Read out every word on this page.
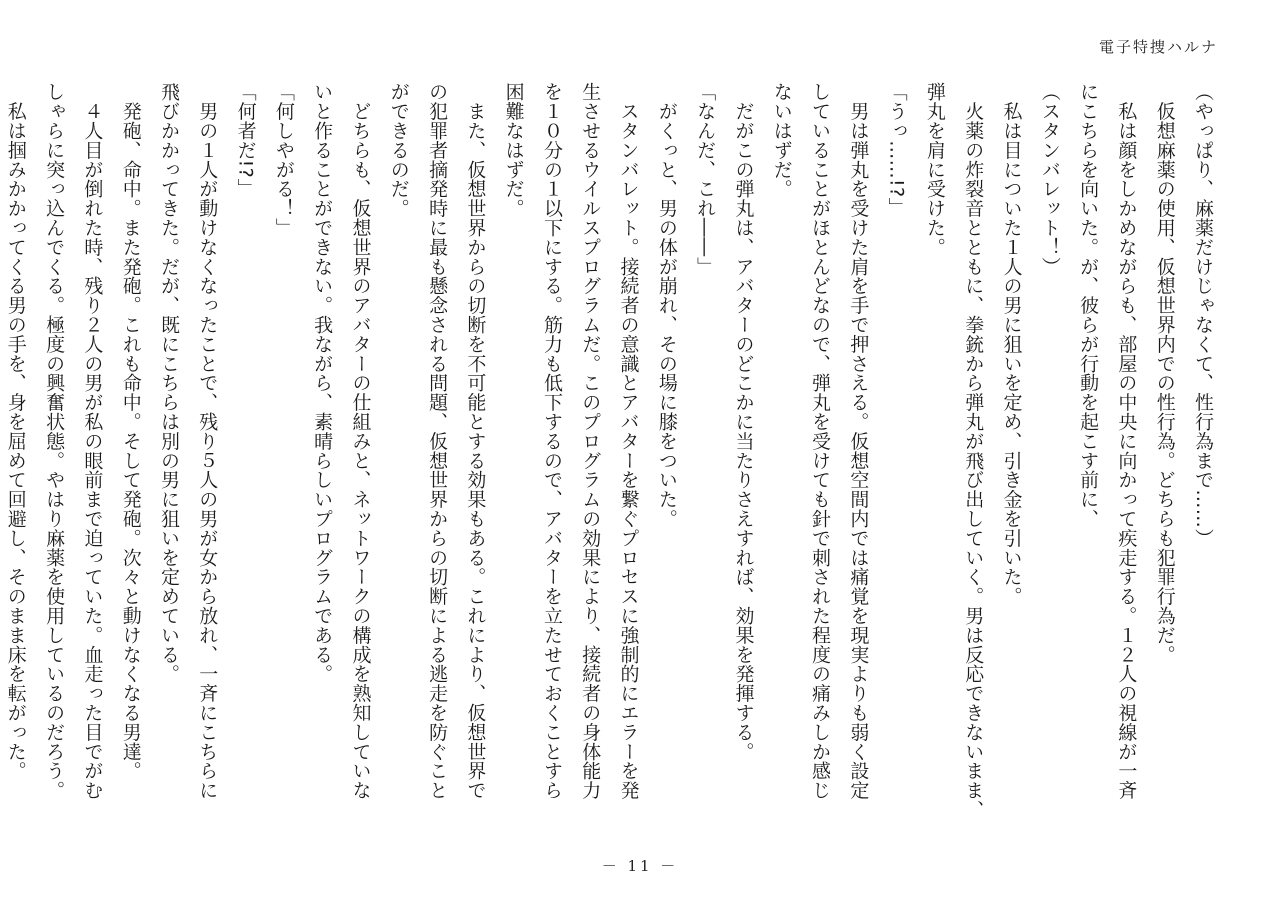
電子特捜ハルナ

（やっぱり、麻薬だけじゃなくて、性行為まで……）

　仮想麻薬の使用、仮想世界内での性行為。どちらも犯罪行為だ。

　私は顔をしかめながらも、部屋の中央に向かって疾走する。１２人の視線が一斉

にこちらを向いた。が、彼らが行動を起こす前に、

（スタンバレット！）

　私は目についた１人の男に狙いを定め、引き金を引いた。

　火薬の炸裂音とともに、拳銃から弾丸が飛び出していく。男は反応できないまま、

弾丸を肩に受けた。

「うっ……!?」

　男は弾丸を受けた肩を手で押さえる。仮想空間内では痛覚を現実よりも弱く設定

していることがほとんどなので、弾丸を受けても針で刺された程度の痛みしか感じ

ないはずだ。

　だがこの弾丸は、アバターのどこかに当たりさえすれば、効果を発揮する。

「なんだ、これ――」

　がくっと、男の体が崩れ、その場に膝をついた。

　スタンバレット。接続者の意識とアバターを繋ぐプロセスに強制的にエラーを発

生させるウイルスプログラムだ。このプログラムの効果により、接続者の身体能力

を１０分の１以下にする。筋力も低下するので、アバターを立たせておくことすら

困難なはずだ。

　また、仮想世界からの切断を不可能とする効果もある。これにより、仮想世界で

の犯罪者摘発時に最も懸念される問題、仮想世界からの切断による逃走を防ぐこと

ができるのだ。

　どちらも、仮想世界のアバターの仕組みと、ネットワークの構成を熟知していな

いと作ることができない。我ながら、素晴らしいプログラムである。

「何しやがる！」

「何者だ!?」

　男の１人が動けなくなったことで、残り５人の男が女から放れ、一斉にこちらに

飛びかかってきた。だが、既にこちらは別の男に狙いを定めている。

　発砲、命中。また発砲。これも命中。そして発砲。次々と動けなくなる男達。

　４人目が倒れた時、残り２人の男が私の眼前まで迫っていた。血走った目でがむ

しゃらに突っ込んでくる。極度の興奮状態。やはり麻薬を使用しているのだろう。

　私は掴みかかってくる男の手を、身を屈めて回避し、そのまま床を転がった。

－ 11 －
